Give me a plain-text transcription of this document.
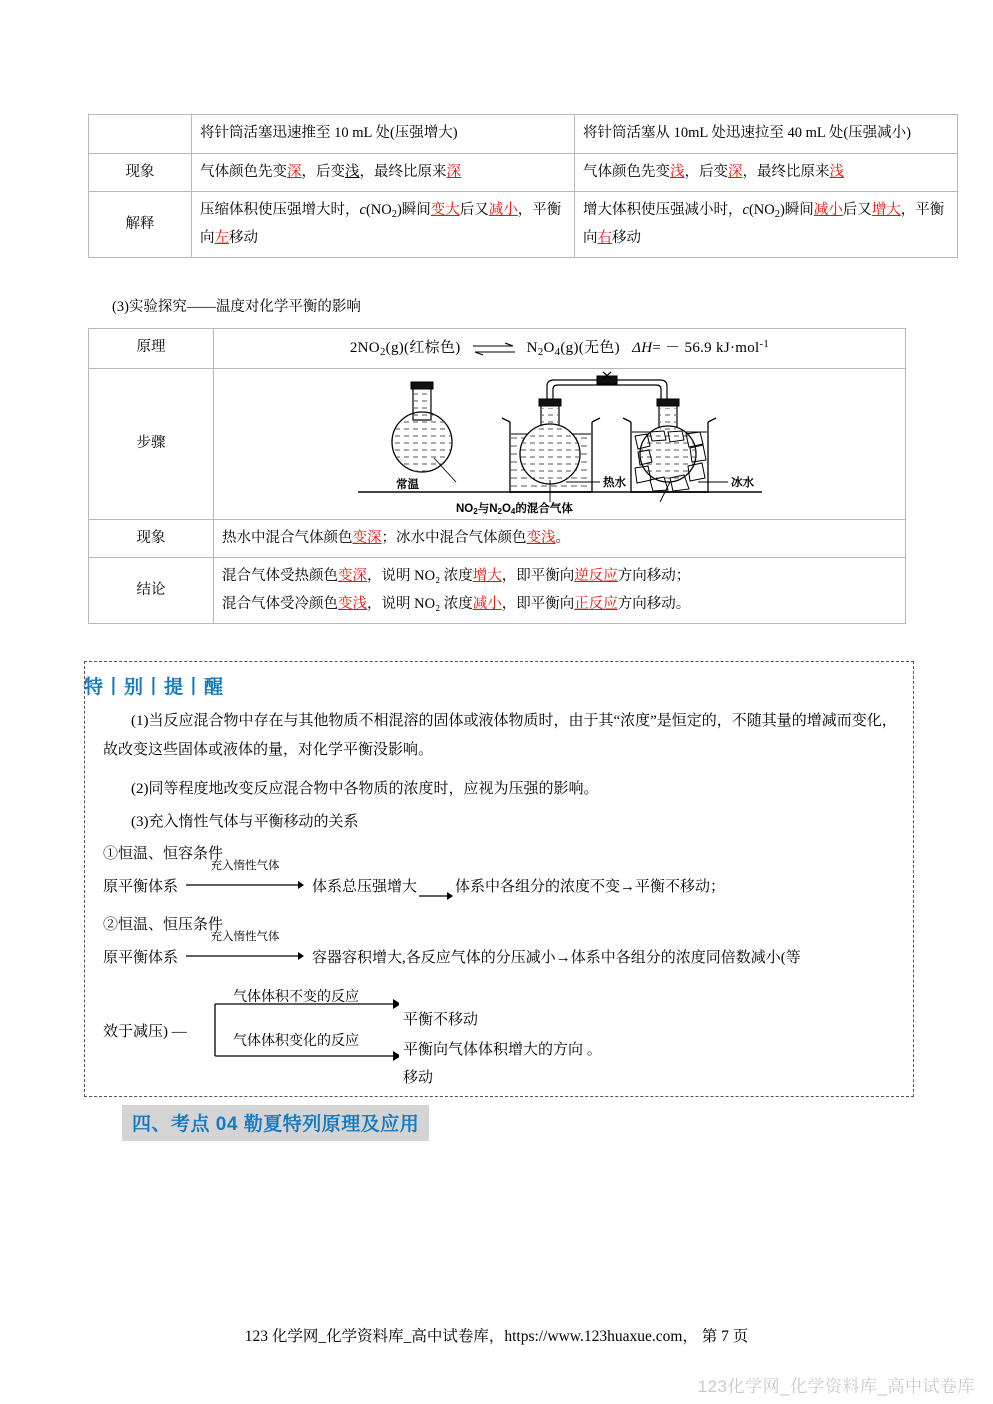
	将针筒活塞迅速推至 10 mL 处(压强增大)	将针筒活塞从 10mL 处迅速拉至 40 mL 处(压强减小)
现象	气体颜色先变深，后变浅，最终比原来深	气体颜色先变浅，后变深，最终比原来浅
解释	压缩体积使压强增大时，$c(NO_2)$瞬间变大后又减小，平衡向左移动	增大体积使压强减小时，$c(NO_2)$瞬间减小后又增大，平衡向右移动
(3)实验探究——温度对化学平衡的影响
原理	$2NO_2(g)$(红棕色) ⇌ $N_2O_4(g)$(无色) ΔH= － 56.9 kJ·mol$^{-1}$

步骤	常温 热水 冰水
NO2与N2O4的混合气体

现象	热水中混合气体颜色变深；冰水中混合气体颜色变浅。
结论	混合气体受热颜色变深，说明 NO₂ 浓度增大，即平衡向逆反应方向移动；
混合气体受冷颜色变浅，说明 NO₂ 浓度减小，即平衡向正反应方向移动。
特丨别丨提丨醒
(1)当反应混合物中存在与其他物质不相混溶的固体或液体物质时，由于其“浓度”是恒定的，不随其量的增减而变化，故改变这些固体或液体的量，对化学平衡没影响。
(2)同等程度地改变反应混合物中各物质的浓度时，应视为压强的影响。
(3)充入惰性气体与平衡移动的关系
①恒温、恒容条件
原平衡体系
充入惰性气体
体系总压强增大	体系中各组分的浓度不变→平衡不移动；
②恒温、恒压条件
原平衡体系
充入惰性气体
容器容积增大,各反应气体的分压减小→体系中各组分的浓度同倍数减小(等
效于减压) —
气体体积不变的反应
气体体积变化的反应
平衡不移动
平衡向气体体积增大的方向 。
移动
四、考点 04 勒夏特列原理及应用
123 化学网_化学资料库_高中试卷库，https://www.123huaxue.com， 第 7 页
123化学网_化学资料库_高中试卷库
